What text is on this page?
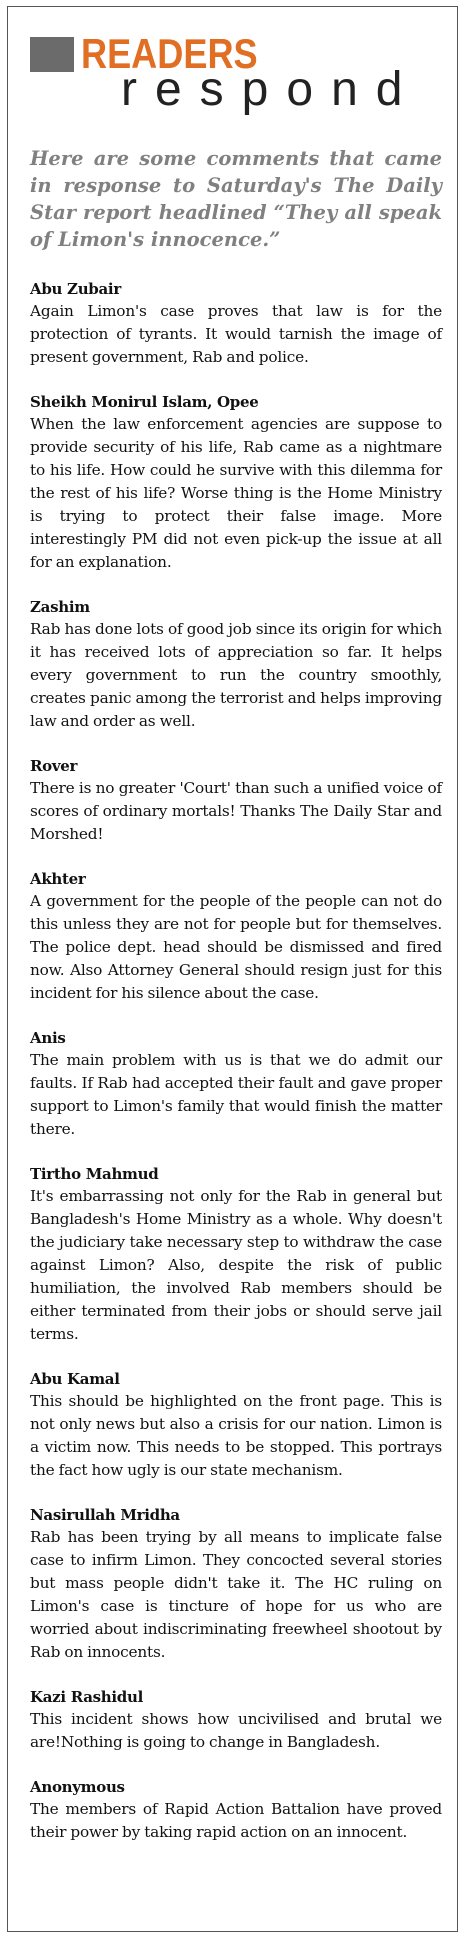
READERS
respond
Here are some comments that came in response to Saturday's The Daily Star report headlined “They all speak of Limon's innocence.”
Abu Zubair
Again Limon's case proves that law is for the protection of tyrants. It would tarnish the image of present government, Rab and police.
Sheikh Monirul Islam, Opee
When the law enforcement agencies are suppose to provide security of his life, Rab came as a nightmare to his life. How could he survive with this dilemma for the rest of his life? Worse thing is the Home Ministry is trying to protect their false image. More interestingly PM did not even pick-up the issue at all for an explanation.
Zashim
Rab has done lots of good job since its origin for which it has received lots of appreciation so far. It helps every government to run the country smoothly, creates panic among the terrorist and helps improving law and order as well.
Rover
There is no greater 'Court' than such a unified voice of scores of ordinary mortals! Thanks The Daily Star and Morshed!
Akhter
A government for the people of the people can not do this unless they are not for people but for themselves. The police dept. head should be dismissed and fired now. Also Attorney General should resign just for this incident for his silence about the case.
Anis
The main problem with us is that we do admit our faults. If Rab had accepted their fault and gave proper support to Limon's family that would finish the matter there.
Tirtho Mahmud
It's embarrassing not only for the Rab in general but Bangladesh's Home Ministry as a whole. Why doesn't the judiciary take necessary step to withdraw the case against Limon? Also, despite the risk of public humiliation, the involved Rab members should be either terminated from their jobs or should serve jail terms.
Abu Kamal
This should be highlighted on the front page. This is not only news but also a crisis for our nation. Limon is a victim now. This needs to be stopped. This portrays the fact how ugly is our state mechanism.
Nasirullah Mridha
Rab has been trying by all means to implicate false case to infirm Limon. They concocted several stories but mass people didn't take it. The HC ruling on Limon's case is tincture of hope for us who are worried about indiscriminating freewheel shootout by Rab on innocents.
Kazi Rashidul
This incident shows how uncivilised and brutal we are!Nothing is going to change in Bangladesh.
Anonymous
The members of Rapid Action Battalion have proved their power by taking rapid action on an innocent.
